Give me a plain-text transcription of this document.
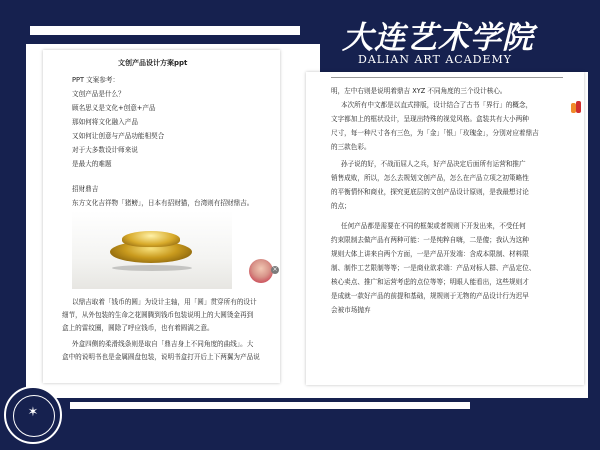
大连艺术学院
DALIAN ART ACADEMY
✶
文创产品设计方案ppt
PPT 文案参考：
文创产品是什么？
顾名思义是文化+创意+产品
那如何将文化融入产品
又如何让创意与产品功能相契合
对于大多数设计师来说
是最大的难题
招财鼎吉
东方文化吉祥物「猪鳑」，日本有招财猫，台湾则有招财鼎吉。
×
以鼎吉取着「钱币的圆」为设计主轴，用「圆」贯穿所有的设计
细节，从外包装的生命之花圆腾到钱币包装说明上的大圆烫金再到
盒上的雷纹圈，圆除了呼应钱币，也有着圆满之意。
外盒四侧的柔滑线条则是取自「鼎吉身上不同角度的曲线」。大
盒中的说明书也是金属圆盘包装，说明书盒打开后上下两翼为产品说
明，左中右则是说明着鼎吉 XYZ 不同角度的三个设计核心。
本次所有中文都是以直式排版，设计结合了古书「界行」的概念，
文字都加上的框状设计，呈现出特殊的视觉风格。盒装共有大小两种
尺寸，每一种尺寸各有三色，为「金」「银」「玫瑰金」，分别对应着鼎吉
的三款色彩。
孙子说的好，不战而屈人之兵，好产品决定后面所有运营和推广
销售成败，所以，怎么去规划文创产品，怎么在产品立项之初策略性
的平衡情怀和商业，探究更底层的文创产品设计原则，是我最想讨论
的点；
任何产品都是需要在不同的框架或者规则下开发出来，不受任何
约束限制去做产品有两种可能：一是纯粹自嗨，二是傻；我认为这种
规则大体上讲来自两个方面，一是产品开发端：含成本限制、材料限
制、制作工艺限制等等；一是商业欲求端：产品对标人群、产品定位、
核心卖点、推广和运营考虑的点位等等；明眼人能看出，这些规则才
是成就一款好产品的前提和基础，规规则于无物的产品设计行为迟早
会被市场抛弃
